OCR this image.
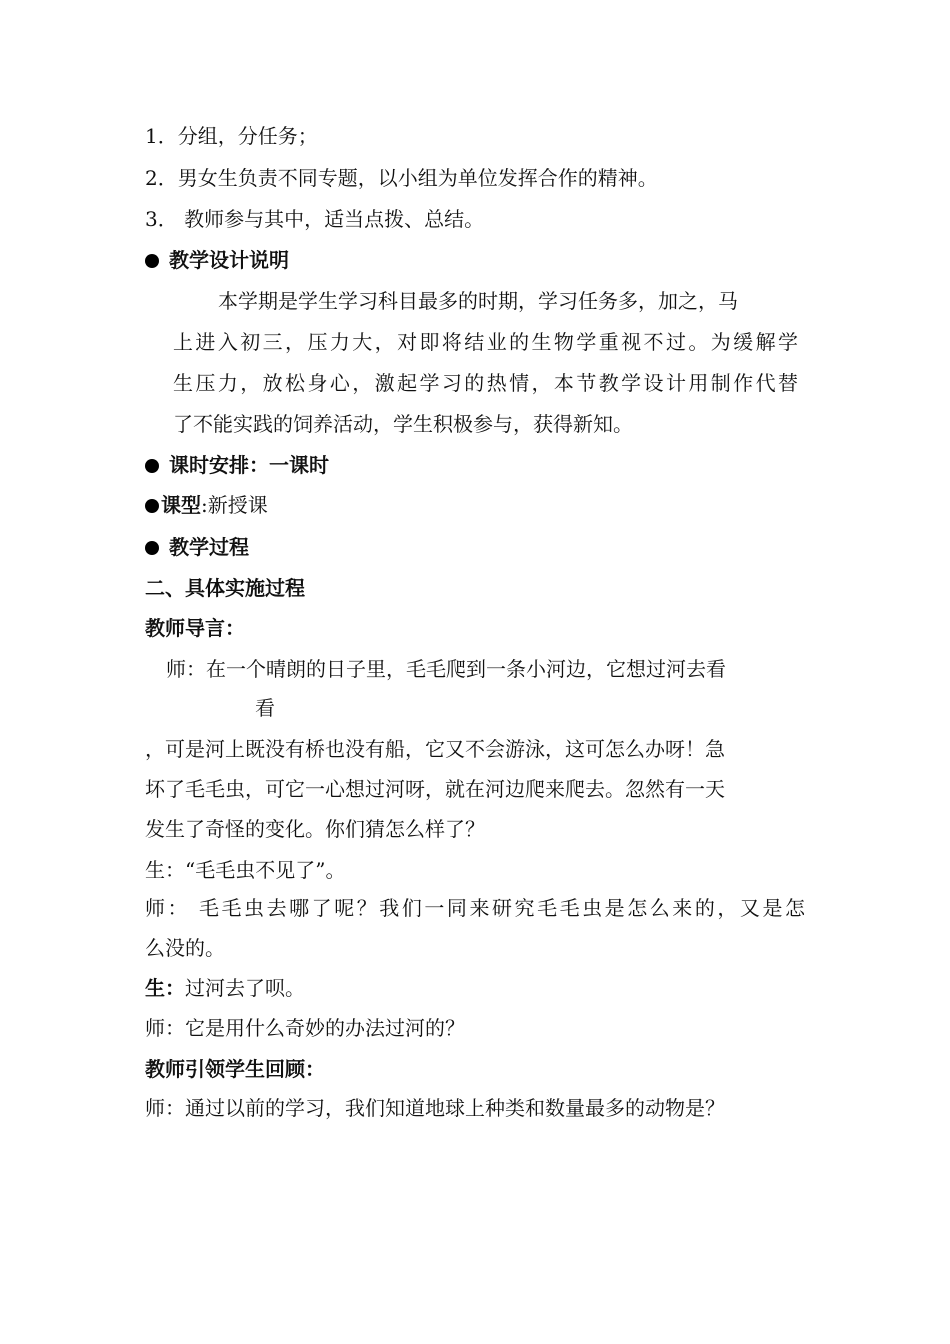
1．分组，分任务；
2．男女生负责不同专题，以小组为单位发挥合作的精神。
3． 教师参与其中，适当点拨、总结。
教学设计说明
本学期是学生学习科目最多的时期，学习任务多，加之，马
上进入初三，压力大，对即将结业的生物学重视不过。为缓解学
生压力，放松身心，激起学习的热情，本节教学设计用制作代替
了不能实践的饲养活动，学生积极参与，获得新知。
课时安排：一课时
课型:新授课
教学过程
二、具体实施过程
教师导言：
师：在一个晴朗的日子里，毛毛爬到一条小河边，它想过河去看
看
，可是河上既没有桥也没有船，它又不会游泳，这可怎么办呀！急
坏了毛毛虫，可它一心想过河呀，就在河边爬来爬去。忽然有一天
发生了奇怪的变化。你们猜怎么样了？
生：“毛毛虫不见了”。
师： 毛毛虫去哪了呢？我们一同来研究毛毛虫是怎么来的，又是怎
么没的。
生：过河去了呗。
师：它是用什么奇妙的办法过河的？
教师引领学生回顾：
师：通过以前的学习，我们知道地球上种类和数量最多的动物是？
